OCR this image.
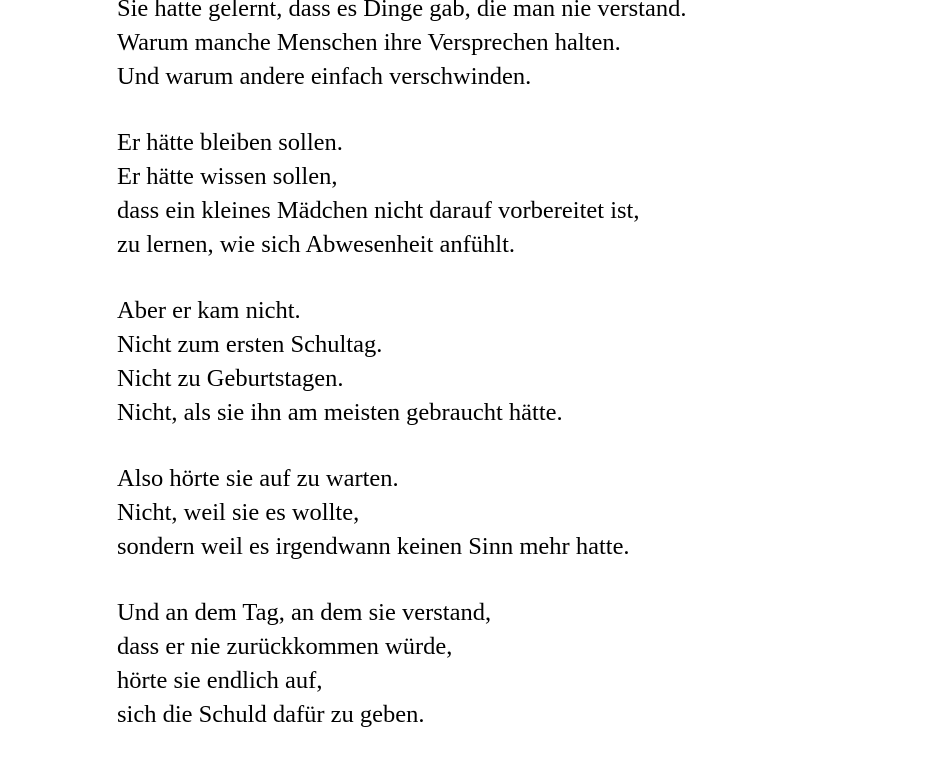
Sie hatte gelernt, dass es Dinge gab, die man nie verstand.
Warum manche Menschen ihre Versprechen halten.
Und warum andere einfach verschwinden.
Er hätte bleiben sollen.
Er hätte wissen sollen,
dass ein kleines Mädchen nicht darauf vorbereitet ist,
zu lernen, wie sich Abwesenheit anfühlt.
Aber er kam nicht.
Nicht zum ersten Schultag.
Nicht zu Geburtstagen.
Nicht, als sie ihn am meisten gebraucht hätte.
Also hörte sie auf zu warten.
Nicht, weil sie es wollte,
sondern weil es irgendwann keinen Sinn mehr hatte.
Und an dem Tag, an dem sie verstand,
dass er nie zurückkommen würde,
hörte sie endlich auf,
sich die Schuld dafür zu geben.
